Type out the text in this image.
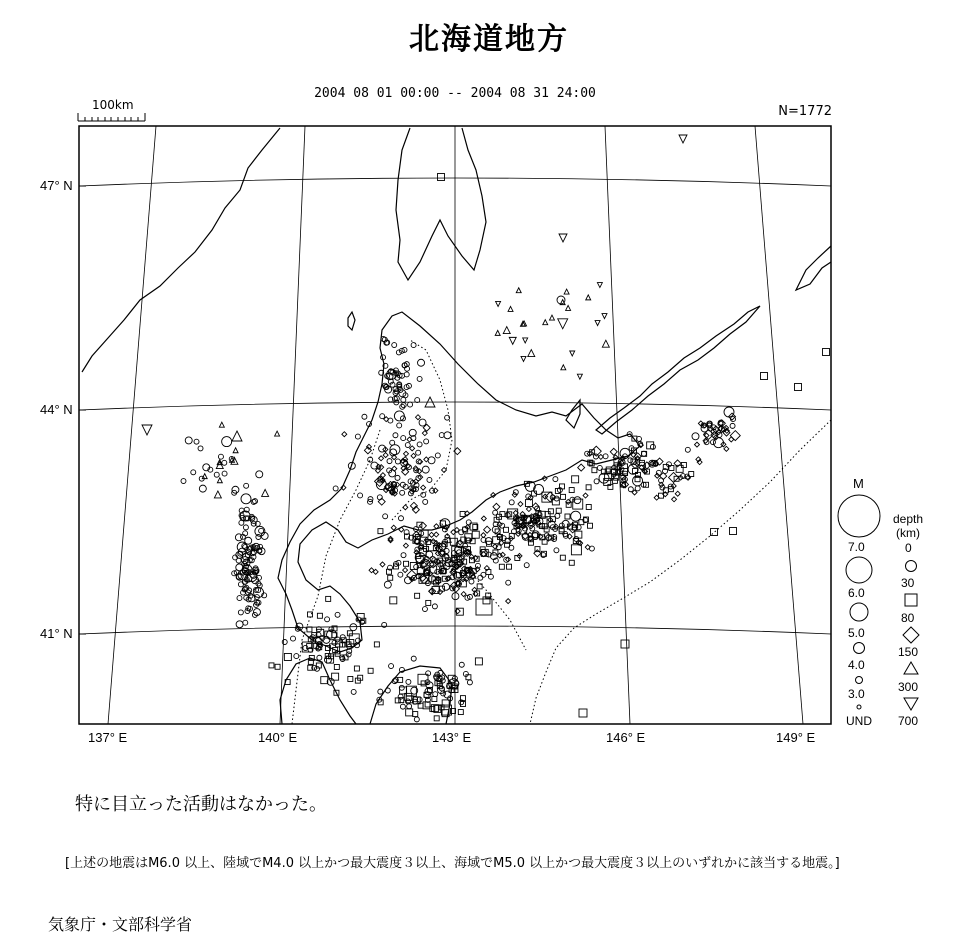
北海道地方
2004 08 01 00:00 -- 2004 08 31 24:00
N=1772
100km
47° N
44° N
41° N
137° E	140° E	143° E	146° E	149° E
M
7.0
6.0
5.0
4.0
3.0
UND
depth
(km)
0
30
80
150
300
700
特に目立った活動はなかった。
[上述の地震はM6.0 以上、陸域でM4.0 以上かつ最大震度３以上、海域でM5.0 以上かつ最大震度３以上のいずれかに該当する地震。]
気象庁・文部科学省
